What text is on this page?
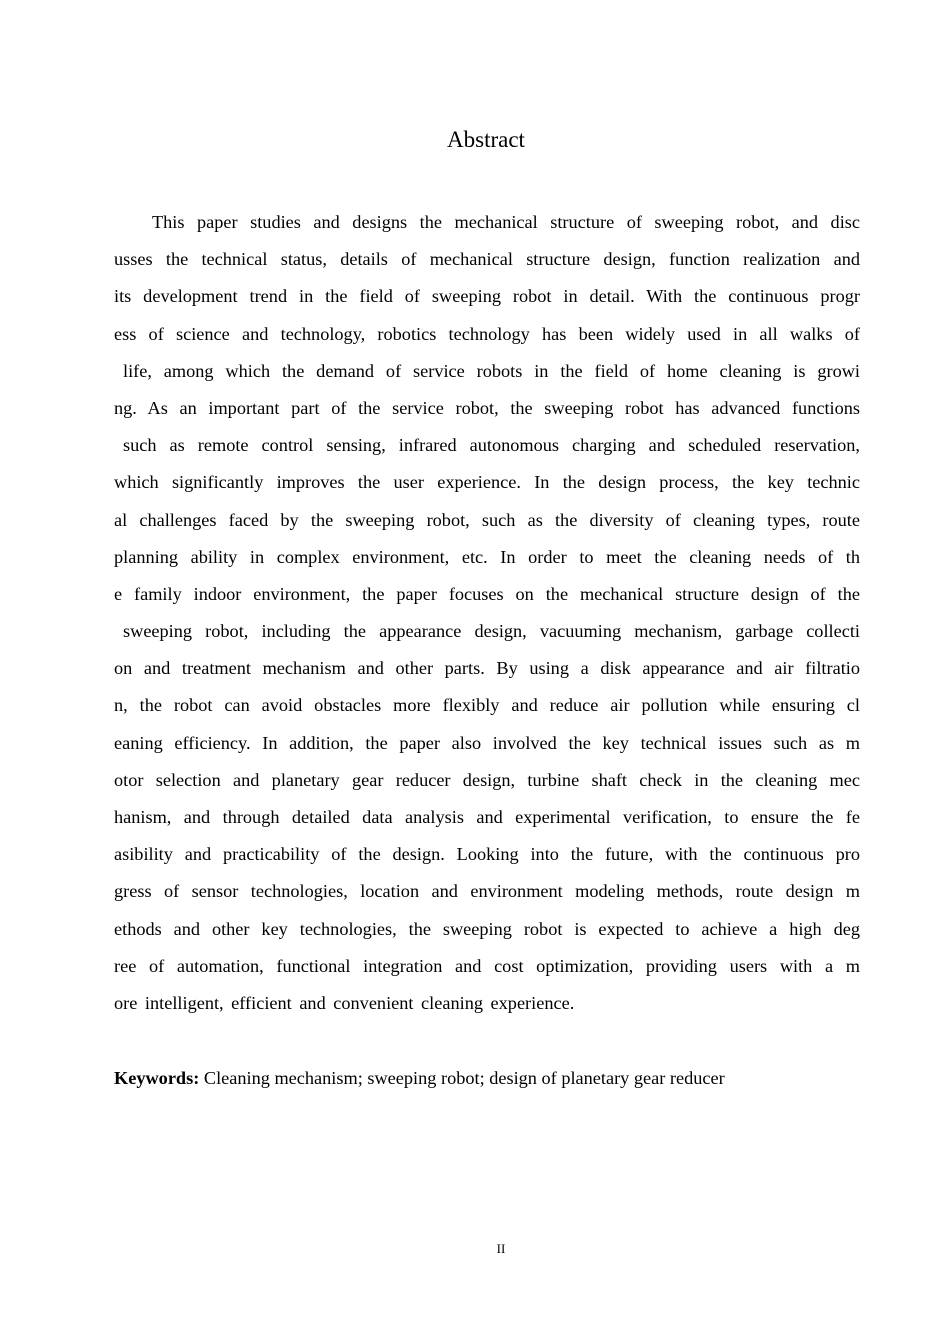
Abstract
This paper studies and designs the mechanical structure of sweeping robot, and disc
usses the technical status, details of mechanical structure design, function realization and
its development trend in the field of sweeping robot in detail. With the continuous progr
ess of science and technology, robotics technology has been widely used in all walks of
life, among which the demand of service robots in the field of home cleaning is growi
ng. As an important part of the service robot, the sweeping robot has advanced functions
such as remote control sensing, infrared autonomous charging and scheduled reservation,
which significantly improves the user experience. In the design process, the key technic
al challenges faced by the sweeping robot, such as the diversity of cleaning types, route
planning ability in complex environment, etc. In order to meet the cleaning needs of th
e family indoor environment, the paper focuses on the mechanical structure design of the
sweeping robot, including the appearance design, vacuuming mechanism, garbage collecti
on and treatment mechanism and other parts. By using a disk appearance and air filtratio
n, the robot can avoid obstacles more flexibly and reduce air pollution while ensuring cl
eaning efficiency. In addition, the paper also involved the key technical issues such as m
otor selection and planetary gear reducer design, turbine shaft check in the cleaning mec
hanism, and through detailed data analysis and experimental verification, to ensure the fe
asibility and practicability of the design. Looking into the future, with the continuous pro
gress of sensor technologies, location and environment modeling methods, route design m
ethods and other key technologies, the sweeping robot is expected to achieve a high deg
ree of automation, functional integration and cost optimization, providing users with a m
ore intelligent, efficient and convenient cleaning experience.

Keywords: Cleaning mechanism; sweeping robot; design of planetary gear reducer

II
